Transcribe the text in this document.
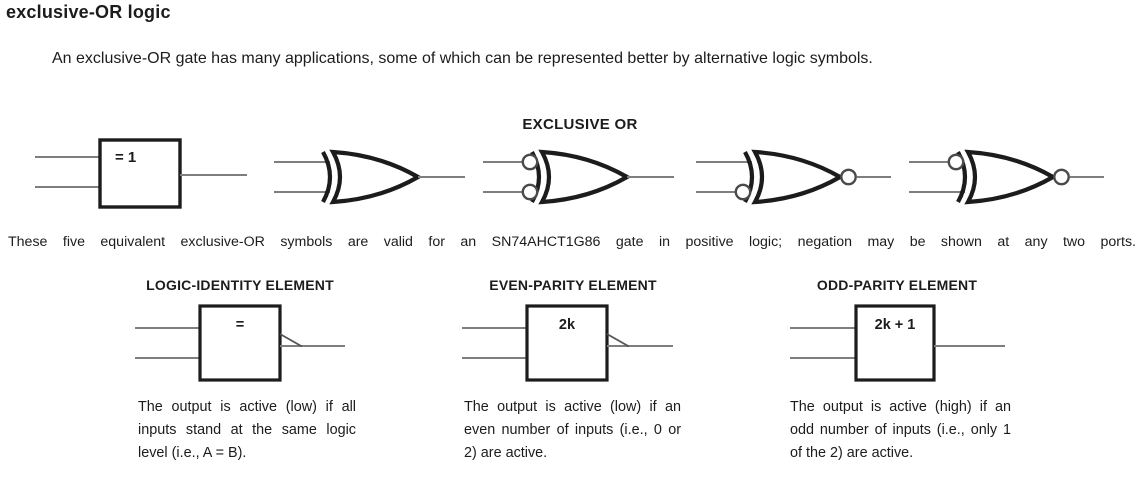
exclusive-OR logic

An exclusive-OR gate has many applications, some of which can be represented better by alternative logic symbols.

EXCLUSIVE OR
= 1

These five equivalent exclusive-OR symbols are valid for an SN74AHCT1G86 gate in positive logic; negation may be shown at any two ports.

LOGIC-IDENTITY ELEMENT	EVEN-PARITY ELEMENT	ODD-PARITY ELEMENT
=	2k	2k + 1

The output is active (low) if all inputs stand at the same logic level (i.e., A = B).

The output is active (low) if an even number of inputs (i.e., 0 or 2) are active.

The output is active (high) if an odd number of inputs (i.e., only 1 of the 2) are active.
